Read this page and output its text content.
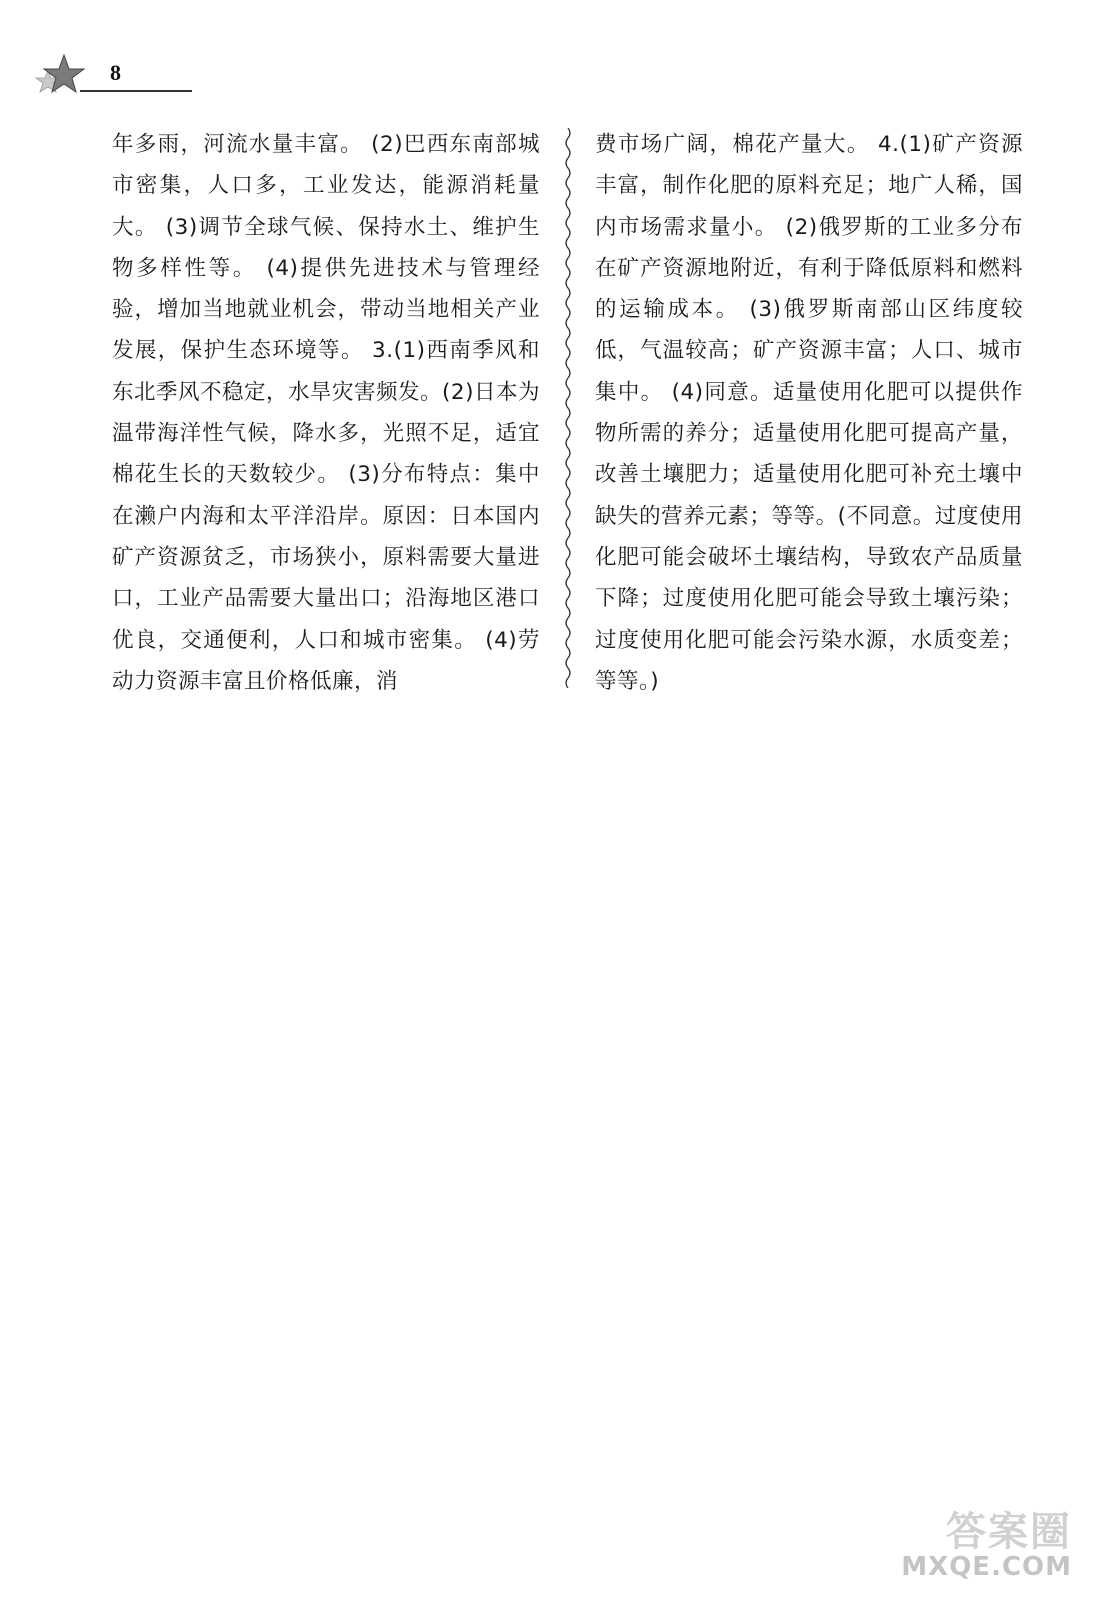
8
年多雨，河流水量丰富。 (2)巴西东南部城市密集，人口多，工业发达，能源消耗量大。 (3)调节全球气候、保持水土、维护生物多样性等。 (4)提供先进技术与管理经验，增加当地就业机会，带动当地相关产业发展，保护生态环境等。 3.(1)西南季风和东北季风不稳定，水旱灾害频发。(2)日本为温带海洋性气候，降水多，光照不足，适宜棉花生长的天数较少。 (3)分布特点：集中在濑户内海和太平洋沿岸。原因：日本国内矿产资源贫乏，市场狭小，原料需要大量进口，工业产品需要大量出口；沿海地区港口优良，交通便利，人口和城市密集。 (4)劳动力资源丰富且价格低廉，消
费市场广阔，棉花产量大。 4.(1)矿产资源丰富，制作化肥的原料充足；地广人稀，国内市场需求量小。 (2)俄罗斯的工业多分布在矿产资源地附近，有利于降低原料和燃料的运输成本。 (3)俄罗斯南部山区纬度较低，气温较高；矿产资源丰富；人口、城市集中。 (4)同意。适量使用化肥可以提供作物所需的养分；适量使用化肥可提高产量，改善土壤肥力；适量使用化肥可补充土壤中缺失的营养元素；等等。(不同意。过度使用化肥可能会破坏土壤结构，导致农产品质量下降；过度使用化肥可能会导致土壤污染；过度使用化肥可能会污染水源，水质变差；等等。)
答案圈
MXQE.COM
